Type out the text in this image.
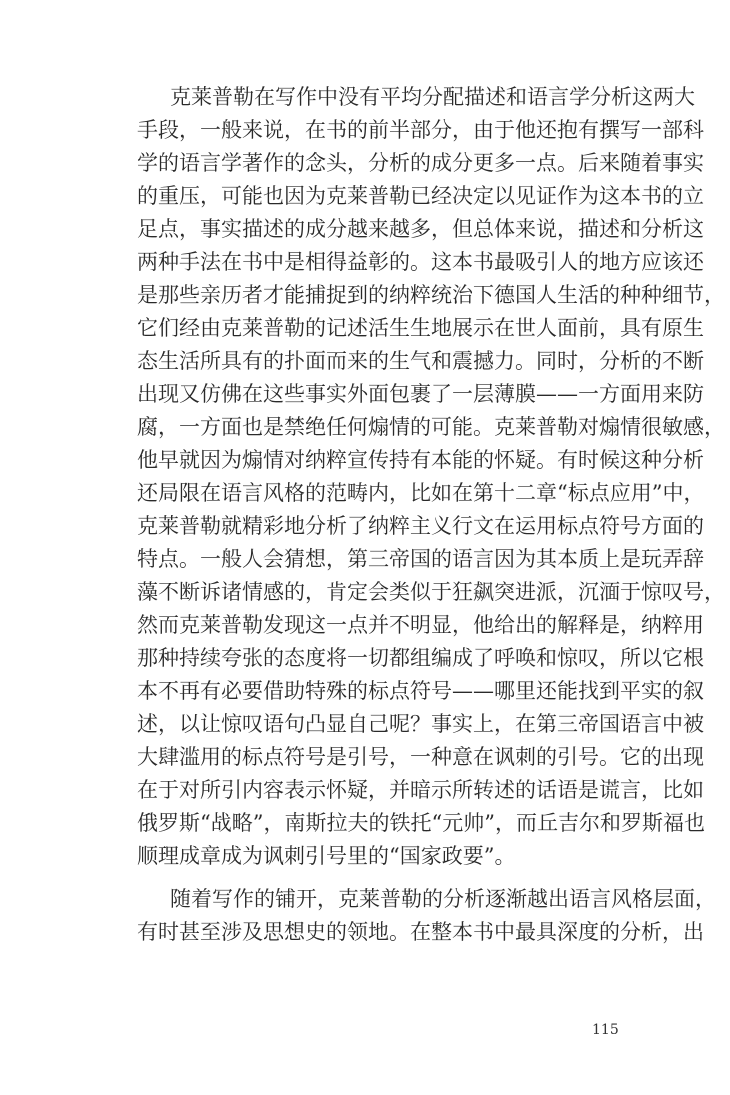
克莱普勒在写作中没有平均分配描述和语言学分析这两大
手段，一般来说，在书的前半部分，由于他还抱有撰写一部科
学的语言学著作的念头，分析的成分更多一点。后来随着事实
的重压，可能也因为克莱普勒已经决定以见证作为这本书的立
足点，事实描述的成分越来越多，但总体来说，描述和分析这
两种手法在书中是相得益彰的。这本书最吸引人的地方应该还
是那些亲历者才能捕捉到的纳粹统治下德国人生活的种种细节，
它们经由克莱普勒的记述活生生地展示在世人面前，具有原生
态生活所具有的扑面而来的生气和震撼力。同时，分析的不断
出现又仿佛在这些事实外面包裹了一层薄膜——一方面用来防
腐，一方面也是禁绝任何煽情的可能。克莱普勒对煽情很敏感，
他早就因为煽情对纳粹宣传持有本能的怀疑。有时候这种分析
还局限在语言风格的范畴内，比如在第十二章“标点应用”中，
克莱普勒就精彩地分析了纳粹主义行文在运用标点符号方面的
特点。一般人会猜想，第三帝国的语言因为其本质上是玩弄辞
藻不断诉诸情感的，肯定会类似于狂飙突进派，沉湎于惊叹号，
然而克莱普勒发现这一点并不明显，他给出的解释是，纳粹用
那种持续夸张的态度将一切都组编成了呼唤和惊叹，所以它根
本不再有必要借助特殊的标点符号——哪里还能找到平实的叙
述，以让惊叹语句凸显自己呢？事实上，在第三帝国语言中被
大肆滥用的标点符号是引号，一种意在讽刺的引号。它的出现
在于对所引内容表示怀疑，并暗示所转述的话语是谎言，比如
俄罗斯“战略”，南斯拉夫的铁托“元帅”，而丘吉尔和罗斯福也
顺理成章成为讽刺引号里的“国家政要”。
随着写作的铺开，克莱普勒的分析逐渐越出语言风格层面，
有时甚至涉及思想史的领地。在整本书中最具深度的分析，出
115
